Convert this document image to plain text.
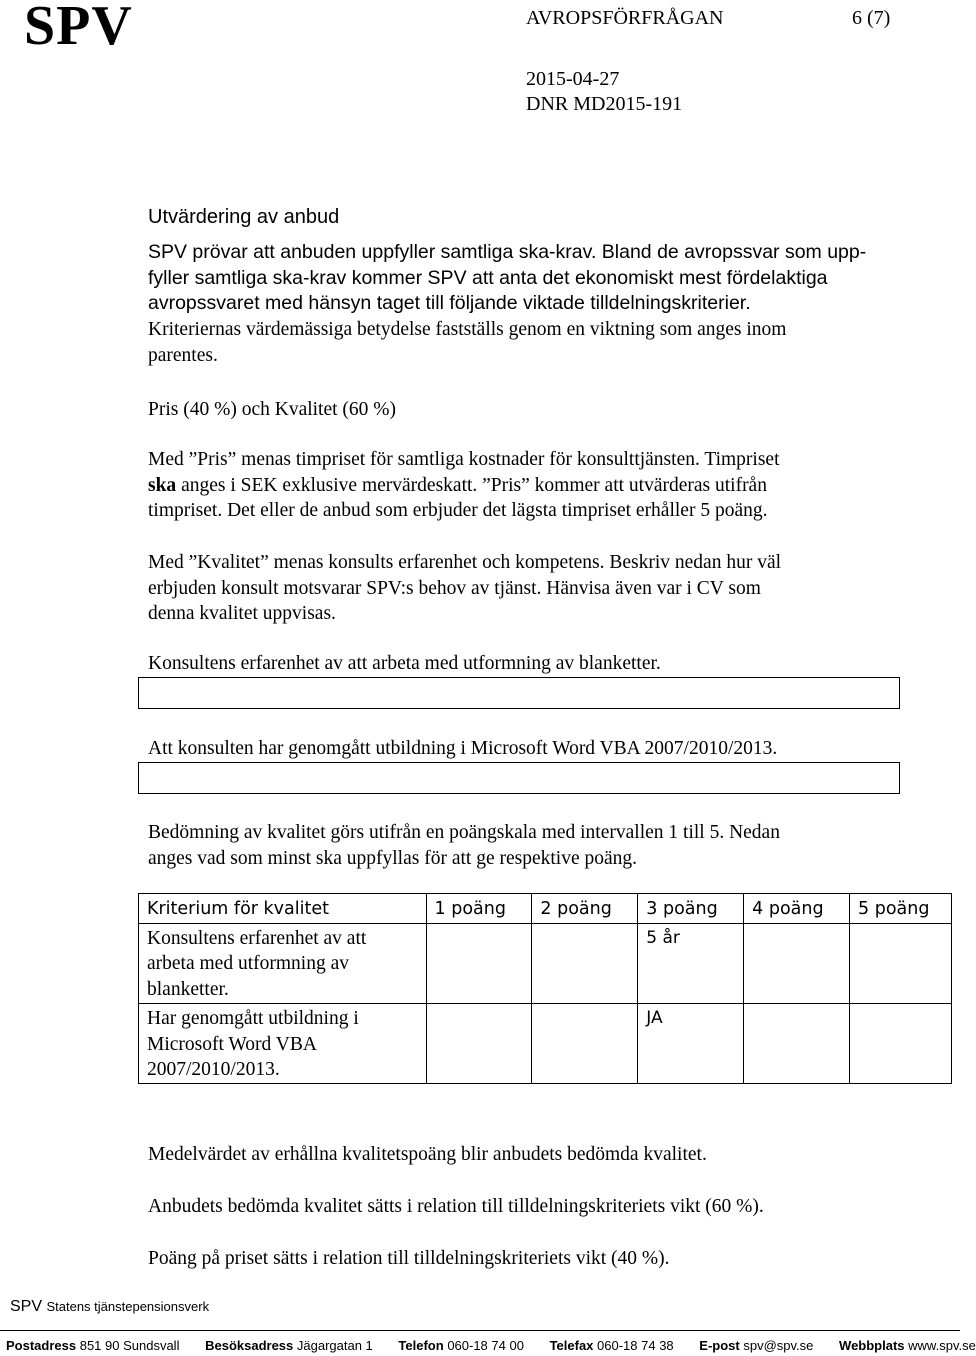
SPV	AVROPSFÖRFRÅGAN	6 (7)
2015-04-27
DNR MD2015-191
Utvärdering av anbud

SPV prövar att anbuden uppfyller samtliga ska-krav. Bland de avropssvar som upp-

fyller samtliga ska-krav kommer SPV att anta det ekonomiskt mest fördelaktiga

avropssvaret med hänsyn taget till följande viktade tilldelningskriterier.

Kriteriernas värdemässiga betydelse fastställs genom en viktning som anges inom

parentes.

Pris (40 %) och Kvalitet (60 %)

Med ”Pris” menas timpriset för samtliga kostnader för konsulttjänsten. Timpriset

ska anges i SEK exklusive mervärdeskatt. ”Pris” kommer att utvärderas utifrån

timpriset. Det eller de anbud som erbjuder det lägsta timpriset erhåller 5 poäng.

Med ”Kvalitet” menas konsults erfarenhet och kompetens. Beskriv nedan hur väl

erbjuden konsult motsvarar SPV:s behov av tjänst. Hänvisa även var i CV som

denna kvalitet uppvisas.

Konsultens erfarenhet av att arbeta med utformning av blanketter.
Att konsulten har genomgått utbildning i Microsoft Word VBA 2007/2010/2013.

Bedömning av kvalitet görs utifrån en poängskala med intervallen 1 till 5. Nedan

anges vad som minst ska uppfyllas för att ge respektive poäng.

Kriterium för kvalitet	1 poäng	2 poäng	3 poäng	4 poäng	5 poäng

Konsultens erfarenhet av att
arbeta med utformning av
blanketter.			5 år		

Har genomgått utbildning i
Microsoft Word VBA
2007/2010/2013.			JA		
Medelvärdet av erhållna kvalitetspoäng blir anbudets bedömda kvalitet.
Anbudets bedömda kvalitet sätts i relation till tilldelningskriteriets vikt (60 %).
Poäng på priset sätts i relation till tilldelningskriteriets vikt (40 %).
SPV Statens tjänstepensionsverk
Postadress 851 90 Sundsvall Besöksadress Jägargatan 1 Telefon 060-18 74 00 Telefax 060-18 74 38 E-post spv@spv.se Webbplats www.spv.se
